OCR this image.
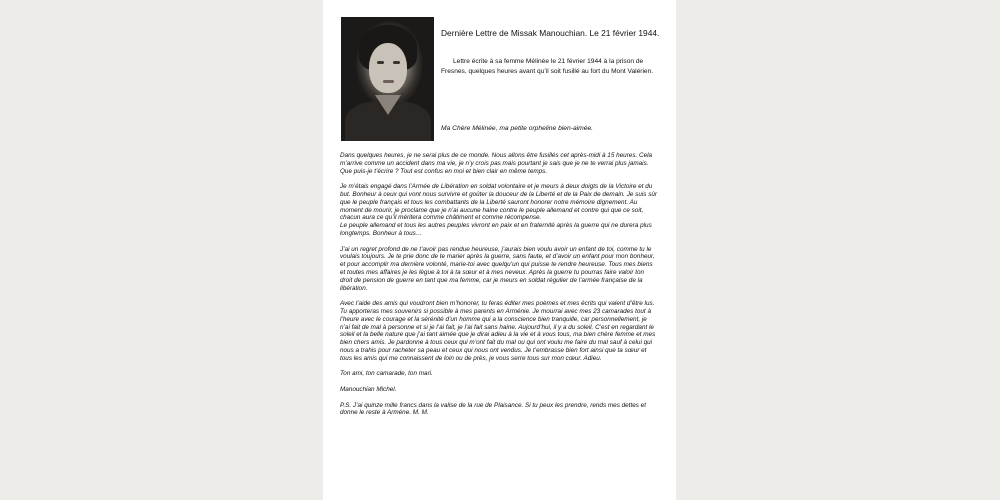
Dernière Lettre de Missak Manouchian. Le 21 février 1944.
Lettre écrite à sa femme Mélinée le 21 février 1944 à la prison de Fresnes, quelques heures avant qu’il soit fusillé au fort du Mont Valérien.
Ma Chère Mélinée, ma petite orpheline bien-aimée.

Dans quelques heures, je ne serai plus de ce monde. Nous allons être fusillés cet après-midi à 15 heures. Cela m’arrive comme un accident dans ma vie, je n’y crois pas mais pourtant je sais que je ne te verrai plus jamais.

Que puis-je t’écrire ? Tout est confus en moi et bien clair en même temps.

Je m’étais engagé dans l’Armée de Libération en soldat volontaire et je meurs à deux doigts de la Victoire et du but. Bonheur à ceux qui vont nous survivre et goûter la douceur de la Liberté et de la Paix de demain. Je suis sûr que le peuple français et tous les combattants de la Liberté sauront honorer notre mémoire dignement. Au moment de mourir, je proclame que je n’ai aucune haine contre le peuple allemand et contre qui que ce soit, chacun aura ce qu’il méritera comme châtiment et comme récompense.

Le peuple allemand et tous les autres peuples vivront en paix et en fraternité après la guerre qui ne durera plus longtemps. Bonheur à tous…

J’ai un regret profond de ne t’avoir pas rendue heureuse, j’aurais bien voulu avoir un enfant de toi, comme tu le voulais toujours. Je te prie donc de te marier après la guerre, sans faute, et d’avoir un enfant pour mon bonheur, et pour accomplir ma dernière volonté, marie-toi avec quelqu’un qui puisse te rendre heureuse. Tous mes biens et toutes mes affaires je les lègue à toi à ta sœur et à mes neveux. Après la guerre tu pourras faire valoir ton droit de pension de guerre en tant que ma femme, car je meurs en soldat régulier de l’armée française de la libération.

Avec l’aide des amis qui voudront bien m’honorer, tu feras éditer mes poèmes et mes écrits qui valent d’être lus. Tu apporteras mes souvenirs si possible à mes parents en Arménie. Je mourrai avec mes 23 camarades tout à l’heure avec le courage et la sérénité d’un homme qui a la conscience bien tranquille, car personnellement, je n’ai fait de mal à personne et si je l’ai fait, je l’ai fait sans haine. Aujourd’hui, il y a du soleil. C’est en regardant le soleil et la belle nature que j’ai tant aimée que je dirai adieu à la vie et à vous tous, ma bien chère femme et mes bien chers amis. Je pardonne à tous ceux qui m’ont fait du mal ou qui ont voulu me faire du mal sauf à celui qui nous a trahis pour racheter sa peau et ceux qui nous ont vendus. Je t’embrasse bien fort ainsi que ta sœur et tous les amis qui me connaissent de loin ou de près, je vous serre tous sur mon cœur. Adieu.

Ton ami, ton camarade, ton mari.

Manouchian Michel.

P.S. J’ai quinze mille francs dans la valise de la rue de Plaisance. Si tu peux les prendre, rends mes dettes et donne le reste à Arméne. M. M.
